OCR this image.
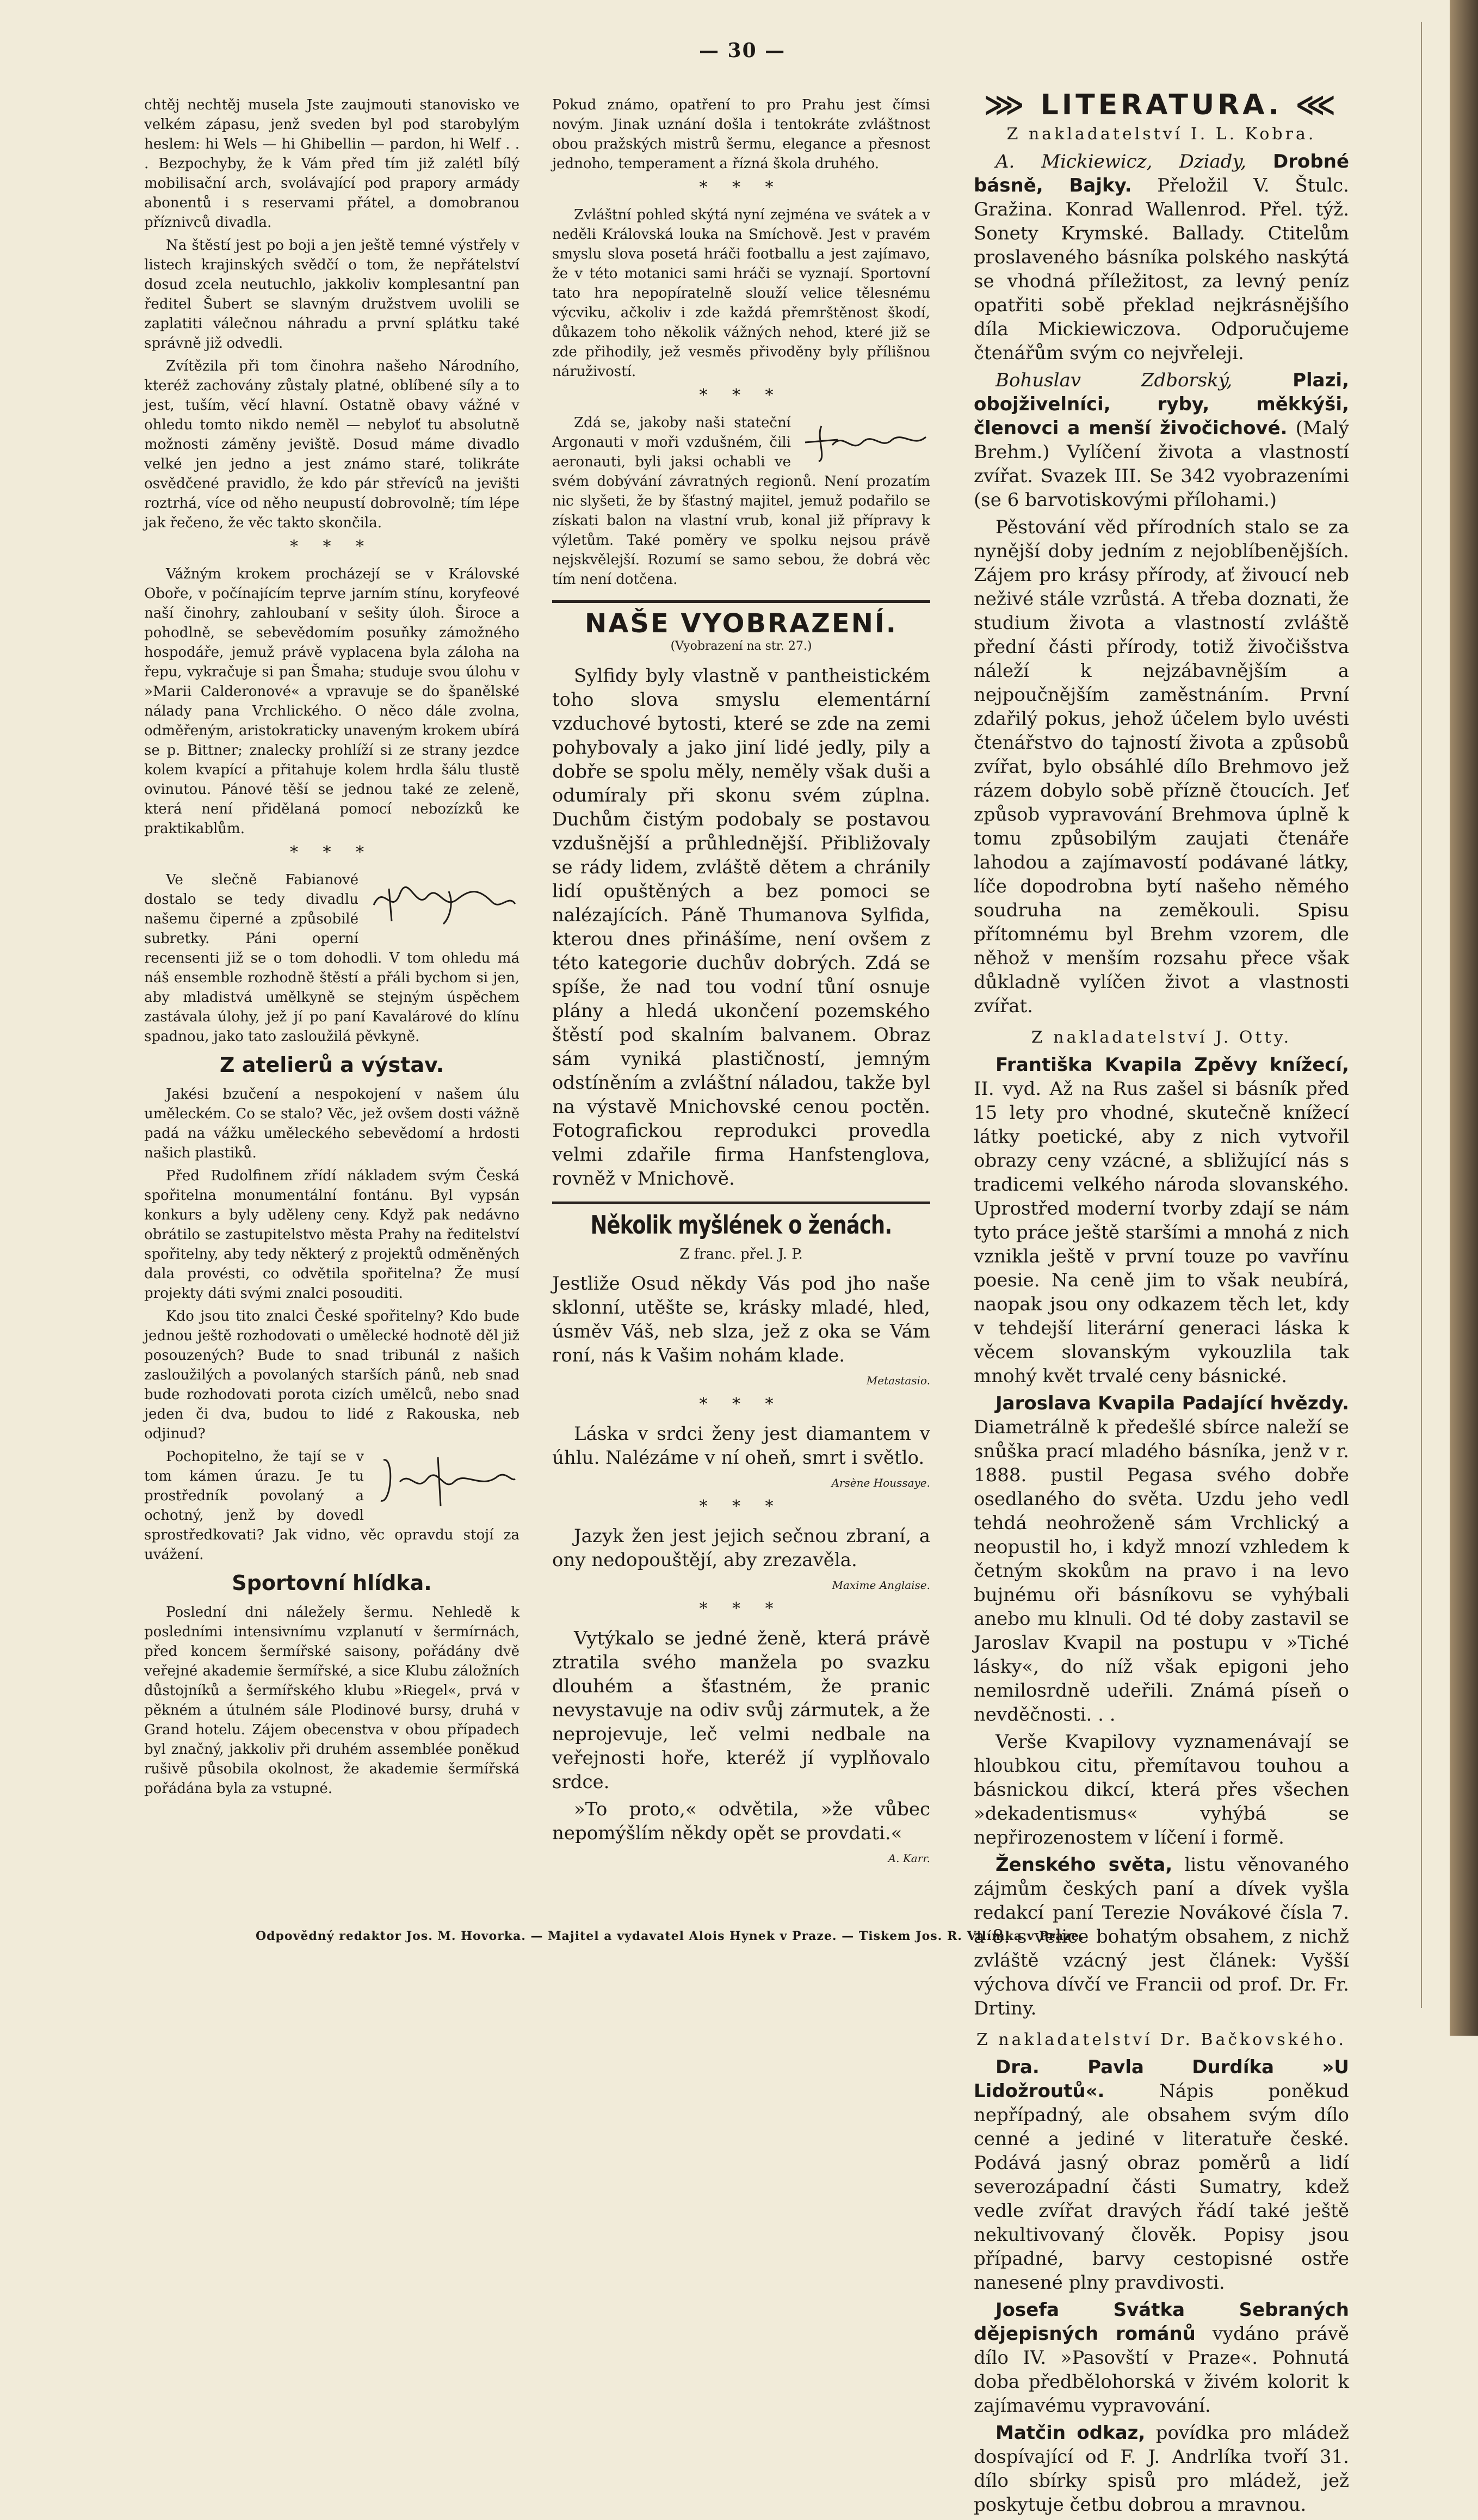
— 30 —

chtěj nechtěj musela Jste zaujmouti stanovisko ve velkém zápasu, jenž sveden byl pod starobylým heslem: hi Wels — hi Ghibellin — pardon, hi Welf . . . Bezpochyby, že k Vám před tím již zalétl bílý mobilisační arch, svolávající pod prapory armády abonentů i s reservami přátel, a domobranou příznivců divadla.

Na štěstí jest po boji a jen ještě temné výstřely v listech krajinských svědčí o tom, že nepřátelství dosud zcela neutuchlo, jakkoliv komplesantní pan ředitel Šubert se slavným družstvem uvolili se zaplatiti válečnou náhradu a první splátku také správně již odvedli.

Zvítězila při tom činohra našeho Národního, kteréž zachovány zůstaly platné, oblíbené síly a to jest, tuším, věcí hlavní. Ostatně obavy vážné v ohledu tomto nikdo neměl — nebyloť tu absolutně možnosti záměny jeviště. Dosud máme divadlo velké jen jedno a jest známo staré, tolikráte osvědčené pravidlo, že kdo pár střevíců na jevišti roztrhá, více od něho neupustí dobrovolně; tím lépe jak řečeno, že věc takto skončila.

* * *

Vážným krokem procházejí se v Královské Oboře, v počínajícím teprve jarním stínu, koryfeové naší činohry, zahloubaní v sešity úloh. Široce a pohodlně, se sebevědomím posuňky zámožného hospodáře, jemuž právě vyplacena byla záloha na řepu, vykračuje si pan Šmaha; studuje svou úlohu v »Marii Calderonové« a vpravuje se do španělské nálady pana Vrchlického. O něco dále zvolna, odměřeným, aristokraticky unaveným krokem ubírá se p. Bittner; znalecky prohlíží si ze strany jezdce kolem kvapící a přitahuje kolem hrdla šálu tlustě ovinutou. Pánové těší se jednou také ze zeleně, která není přidělaná pomocí nebozízků ke praktikablům.

* * *

Ve slečně Fabianové dostalo se tedy divadlu našemu čiperné a způsobilé subretky. Páni operní recensenti již se o tom dohodli. V tom ohledu má náš ensemble rozhodně štěstí a přáli bychom si jen, aby mladistvá umělkyně se stejným úspěchem zastávala úlohy, jež jí po paní Kavalárové do klínu spadnou, jako tato zasloužilá pěvkyně.

Z atelierů a výstav.

Jakési bzučení a nespokojení v našem úlu uměleckém. Co se stalo? Věc, jež ovšem dosti vážně padá na vážku uměleckého sebevědomí a hrdosti našich plastiků.

Před Rudolfinem zřídí nákladem svým Česká spořitelna monumentální fontánu. Byl vypsán konkurs a byly uděleny ceny. Když pak nedávno obrátilo se zastupitelstvo města Prahy na ředitelství spořitelny, aby tedy některý z projektů odměněných dala provésti, co odvětila spořitelna? Že musí projekty dáti svými znalci posouditi.

Kdo jsou tito znalci České spořitelny? Kdo bude jednou ještě rozhodovati o umělecké hodnotě děl již posouzených? Bude to snad tribunál z našich zasloužilých a povolaných starších pánů, neb snad bude rozhodovati porota cizích umělců, nebo snad jeden či dva, budou to lidé z Rakouska, neb odjinud?

Pochopitelno, že tají se v tom kámen úrazu. Je tu prostředník povolaný a ochotný, jenž by dovedl sprostředkovati? Jak vidno, věc opravdu stojí za uvážení.

Sportovní hlídka.

Poslední dni náležely šermu. Nehledě k posledními intensivnímu vzplanutí v šermírnách, před koncem šermířské saisony, pořádány dvě veřejné akademie šermířské, a sice Klubu záložních důstojníků a šermířského klubu »Riegel«, prvá v pěkném a útulném sále Plodinové bursy, druhá v Grand hotelu. Zájem obecenstva v obou případech byl značný, jakkoliv při druhém assemblée poněkud rušivě působila okolnost, že akademie šermířská pořádána byla za vstupné.

Pokud známo, opatření to pro Prahu jest čímsi novým. Jinak uznání došla i tentokráte zvláštnost obou pražských mistrů šermu, elegance a přesnost jednoho, temperament a řízná škola druhého.

* * *

Zvláštní pohled skýtá nyní zejména ve svátek a v neděli Královská louka na Smíchově. Jest v pravém smyslu slova posetá hráči footballu a jest zajímavo, že v této motanici sami hráči se vyznají. Sportovní tato hra nepopíratelně slouží velice tělesnému výcviku, ačkoliv i zde každá přemrštěnost škodí, důkazem toho několik vážných nehod, které již se zde přihodily, jež vesměs přivoděny byly přílišnou náruživostí.

* * *

Zdá se, jakoby naši stateční Argonauti v moři vzdušném, čili aeronauti, byli jaksi ochabli ve svém dobývání závratných regionů. Není prozatím nic slyšeti, že by šťastný majitel, jemuž podařilo se získati balon na vlastní vrub, konal již přípravy k výletům. Také poměry ve spolku nejsou právě nejskvělejší. Rozumí se samo sebou, že dobrá věc tím není dotčena.

NAŠE VYOBRAZENÍ.
(Vyobrazení na str. 27.)

Sylfidy byly vlastně v pantheistickém toho slova smyslu elementární vzduchové bytosti, které se zde na zemi pohybovaly a jako jiní lidé jedly, pily a dobře se spolu měly, neměly však duši a odumíraly při skonu svém zúplna. Duchům čistým podobaly se postavou vzdušnější a průhlednější. Přibližovaly se rády lidem, zvláště dětem a chránily lidí opuštěných a bez pomoci se nalézajících. Páně Thumanova Sylfida, kterou dnes přinášíme, není ovšem z této kategorie duchův dobrých. Zdá se spíše, že nad tou vodní tůní osnuje plány a hledá ukončení pozemského štěstí pod skalním balvanem. Obraz sám vyniká plastičností, jemným odstíněním a zvláštní náladou, takže byl na výstavě Mnichovské cenou poctěn. Fotografickou reprodukci provedla velmi zdařile firma Hanfstenglova, rovněž v Mnichově.

Několik myšlének o ženách.
Z franc. přel. J. P.

Jestliže Osud někdy Vás pod jho naše sklonní, utěšte se, krásky mladé, hled, úsměv Váš, neb slza, jež z oka se Vám roní, nás k Vašim nohám klade.

Metastasio.
* * *

Láska v srdci ženy jest diamantem v úhlu. Nalézáme v ní oheň, smrt i světlo.

Arsène Houssaye.
* * *

Jazyk žen jest jejich sečnou zbraní, a ony nedopouštějí, aby zrezavěla.

Maxime Anglaise.
* * *

Vytýkalo se jedné ženě, která právě ztratila svého manžela po svazku dlouhém a šťastném, že pranic nevystavuje na odiv svůj zármutek, a že neprojevuje, leč velmi nedbale na veřejnosti hoře, kteréž jí vyplňovalo srdce.

»To proto,« odvětila, »že vůbec nepomýšlím někdy opět se provdati.«

A. Karr.
⋙ LITERATURA. ⋘
Z nakladatelství I. L. Kobra.

A. Mickiewicz, Dziady, Drobné básně, Bajky. Přeložil V. Štulc. Gražina. Konrad Wallenrod. Přel. týž. Sonety Krymské. Ballady. Ctitelům proslaveného básníka polského naskýtá se vhodná příležitost, za levný peníz opatřiti sobě překlad nejkrásnějšího díla Mickiewiczova. Odporučujeme čtenářům svým co nejvřeleji.

Bohuslav Zdborský,	Plazi, obojživelníci, ryby, měkkýši, členovci a menší živočichové. (Malý Brehm.) Vylíčení života a vlastností zvířat. Svazek III. Se 342 vyobrazeními (se 6 barvotiskovými přílohami.)

Pěstování věd přírodních stalo se za nynější doby jedním z nejoblíbenějších. Zájem pro krásy přírody, ať živoucí neb neživé stále vzrůstá. A třeba doznati, že studium života a vlastností zvláště přední části přírody, totiž živočišstva náleží k nejzábavnějším a nejpoučnějším zaměstnáním. První zdařilý pokus, jehož účelem bylo uvésti čtenářstvo do tajností života a způsobů zvířat, bylo obsáhlé dílo Brehmovo jež rázem dobylo sobě přízně čtoucích. Jeť způsob vypravování Brehmova úplně k tomu způsobilým zaujati čtenáře lahodou a zajímavostí podávané látky, líče dopodrobna bytí našeho němého soudruha na zeměkouli. Spisu přítomnému byl Brehm vzorem, dle něhož v menším rozsahu přece však důkladně vylíčen život a vlastnosti zvířat.

Z nakladatelství J. Otty.

Františka Kvapila Zpěvy knížecí, II. vyd. Až na Rus zašel si básník před 15 lety pro vhodné, skutečně knížecí látky poetické, aby z nich vytvořil obrazy ceny vzácné, a sbližující nás s tradicemi velkého národa slovanského. Uprostřed moderní tvorby zdají se nám tyto práce ještě staršími a mnohá z nich vznikla ještě v první touze po vavřínu poesie. Na ceně jim to však neubírá, naopak jsou ony odkazem těch let, kdy v tehdejší literární generaci láska k věcem slovanským vykouzlila tak mnohý květ trvalé ceny básnické.

Jaroslava Kvapila Padající hvězdy. Diametrálně k předešlé sbírce naleží se snůška prací mladého básníka, jenž v r. 1888. pustil Pegasa svého dobře osedlaného do světa. Uzdu jeho vedl tehdá neohroženě sám Vrchlický a neopustil ho, i když mnozí vzhledem k četným skokům na pravo i na levo bujnému oři básníkovu se vyhýbali anebo mu klnuli. Od té doby zastavil se Jaroslav Kvapil na postupu v »Tiché lásky«, do níž však epigoni jeho nemilosrdně udeřili. Známá píseň o nevděčnosti. . .

Verše Kvapilovy vyznamenávají se hloubkou citu, přemítavou touhou a básnickou dikcí, která přes všechen »dekadentismus« vyhýbá se nepřirozenostem v líčení i formě.

Ženského světa, listu věnovaného zájmům českých paní a dívek vyšla redakcí paní Terezie Novákové čísla 7. a 8. s velice bohatým obsahem, z nichž zvláště vzácný jest článek: Vyšší výchova dívčí ve Francii od prof. Dr. Fr. Drtiny.

Z nakladatelství Dr. Bačkovského.

Dra. Pavla Durdíka »U Lidožroutů«.	Nápis poněkud nepřípadný, ale obsahem svým dílo cenné a jediné v literatuře české. Podává jasný obraz poměrů a lidí severozápadní části Sumatry, kdež vedle zvířat dravých řádí také ještě nekultivovaný člověk. Popisy jsou případné, barvy cestopisné ostře nanesené plny pravdivosti.

Josefa Svátka Sebraných dějepisných románů vydáno právě dílo IV. »Pasovští v Praze«. Pohnutá doba předbělohorská v živém kolorit k zajímavému vypravování.

Matčin odkaz, povídka pro mládež dospívající od F. J. Andrlíka tvoří 31. dílo sbírky spisů pro mládež, jež poskytuje četbu dobrou a mravnou.

Odpovědný redaktor Jos. M. Hovorka. — Majitel a vydavatel Alois Hynek v Praze. — Tiskem Jos. R. Vilímka v Praze.
